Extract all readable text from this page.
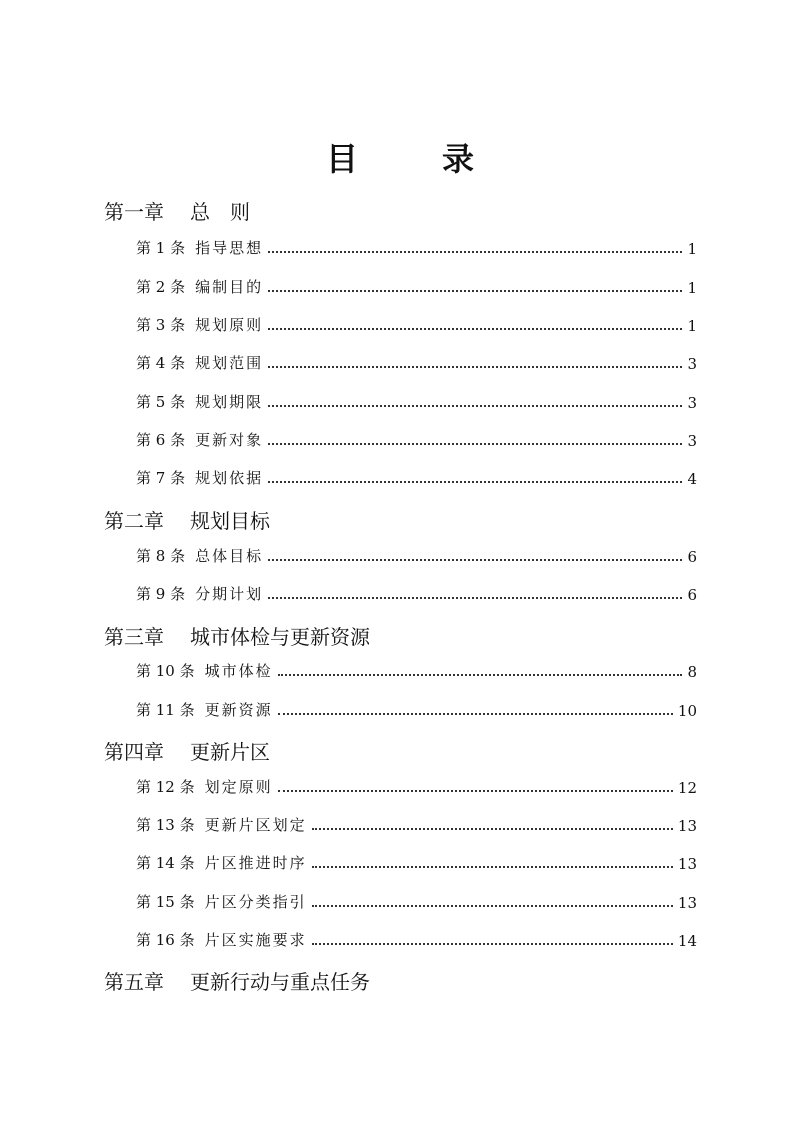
目　录
第一章 总　则
第 1 条 指导思想	1
第 2 条 编制目的	1
第 3 条 规划原则	1
第 4 条 规划范围	3
第 5 条 规划期限	3
第 6 条 更新对象	3
第 7 条 规划依据	4
第二章 规划目标
第 8 条 总体目标	6
第 9 条 分期计划	6
第三章 城市体检与更新资源
第 10 条 城市体检	8
第 11 条 更新资源	10
第四章 更新片区
第 12 条 划定原则	12
第 13 条 更新片区划定	13
第 14 条 片区推进时序	13
第 15 条 片区分类指引	13
第 16 条 片区实施要求	14
第五章 更新行动与重点任务
